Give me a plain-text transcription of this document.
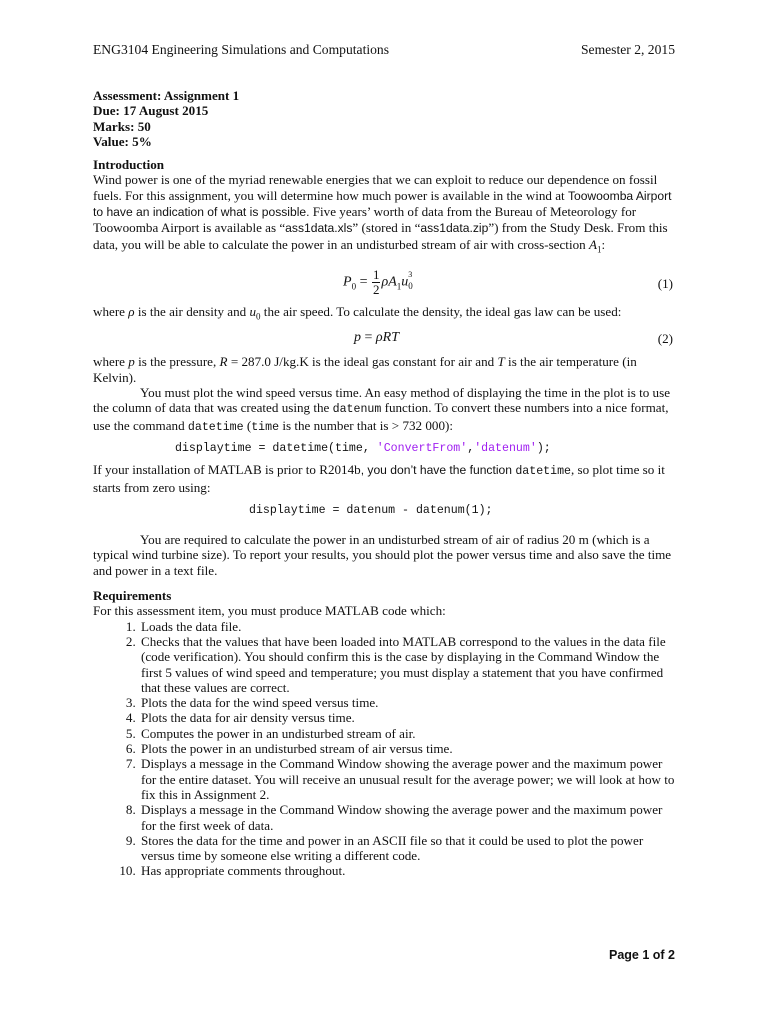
ENG3104 Engineering Simulations and Computations	Semester 2, 2015
Assessment: Assignment 1
Due: 17 August 2015
Marks: 50
Value: 5%
Introduction

Wind power is one of the myriad renewable energies that we can exploit to reduce our dependence on fossil fuels. For this assignment, you will determine how much power is available in the wind at Toowoomba Airport to have an indication of what is possible. Five years’ worth of data from the Bureau of Meteorology for Toowoomba Airport is available as “ass1data.xls” (stored in “ass1data.zip”) from the Study Desk. From this data, you will be able to calculate the power in an undisturbed stream of air with cross-section $A_1$:

$P_0 = \frac{1}{2} \rho A_1u$ 3
0	(1)

where ρ is the air density and $u_0$ the air speed. To calculate the density, the ideal gas law can be used:

p = ρRT	(2)

where p is the pressure, R = 287.0 J/kg.K is the ideal gas constant for air and T is the air temperature (in Kelvin).

You must plot the wind speed versus time. An easy method of displaying the time in the plot is to use the column of data that was created using the datenum function. To convert these numbers into a nice format, use the command datetime (time is the number that is > 732 000):

displaytime = datetime(time, 'ConvertFrom','datenum');

If your installation of MATLAB is prior to R2014b, you don’t have the function datetime, so plot time so it starts from zero using:

displaytime = datenum - datenum(1);

You are required to calculate the power in an undisturbed stream of air of radius 20 m (which is a typical wind turbine size). To report your results, you should plot the power versus time and also save the time and power in a text file.

Requirements

For this assessment item, you must produce MATLAB code which:

1. Loads the data file.
2. Checks that the values that have been loaded into MATLAB correspond to the values in the data file (code verification). You should confirm this is the case by displaying in the Command Window the first 5 values of wind speed and temperature; you must display a statement that you have confirmed that these values are correct.
3. Plots the data for the wind speed versus time.
4. Plots the data for air density versus time.
5. Computes the power in an undisturbed stream of air.
6. Plots the power in an undisturbed stream of air versus time.
7. Displays a message in the Command Window showing the average power and the maximum power for the entire dataset. You will receive an unusual result for the average power; we will look at how to fix this in Assignment 2.
8. Displays a message in the Command Window showing the average power and the maximum power for the first week of data.
9. Stores the data for the time and power in an ASCII file so that it could be used to plot the power versus time by someone else writing a different code.
10. Has appropriate comments throughout.
Page 1 of 2
